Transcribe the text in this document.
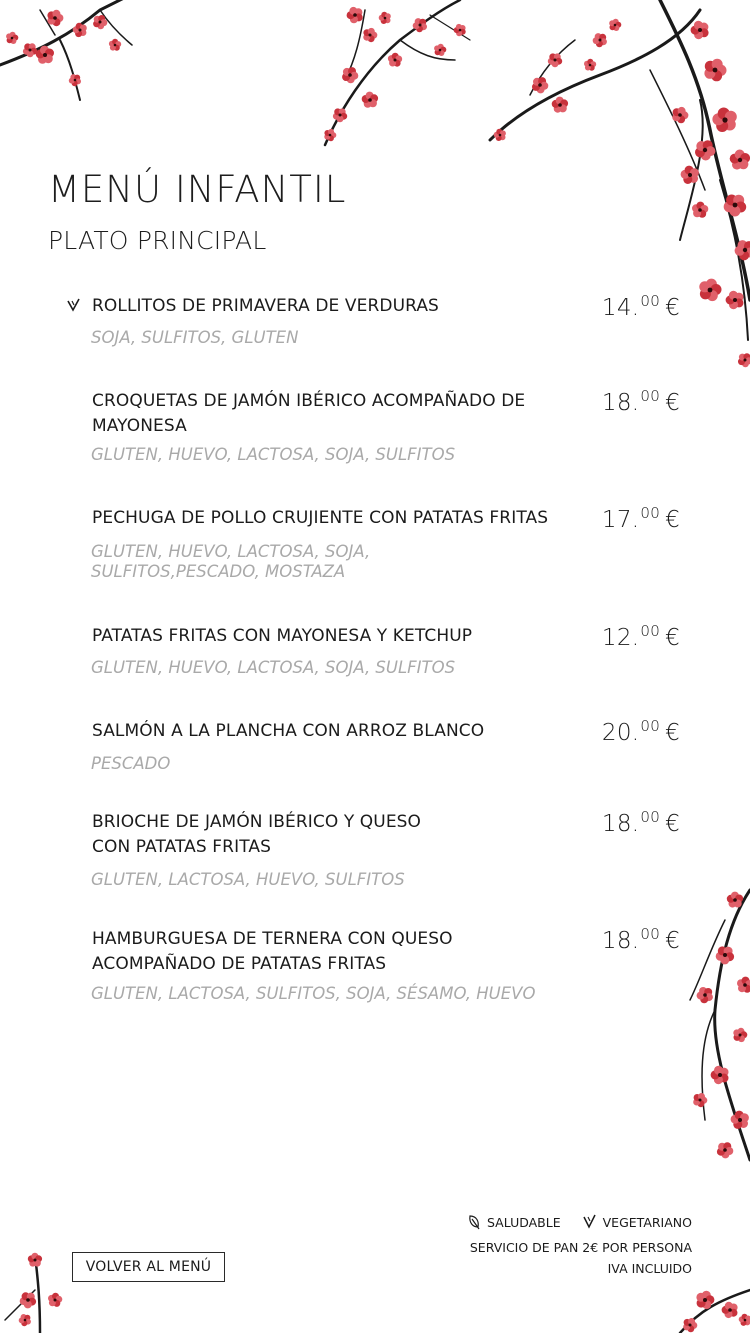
MENÚ INFANTIL
PLATO PRINCIPAL
ROLLITOS DE PRIMAVERA DE VERDURAS
SOJA, SULFITOS, GLUTEN
14.00 €
CROQUETAS DE JAMÓN IBÉRICO ACOMPAÑADO DE MAYONESA
GLUTEN, HUEVO, LACTOSA, SOJA, SULFITOS
18.00 €
PECHUGA DE POLLO CRUJIENTE CON PATATAS FRITAS
GLUTEN, HUEVO, LACTOSA, SOJA, SULFITOS,PESCADO, MOSTAZA
17.00 €
PATATAS FRITAS CON MAYONESA Y KETCHUP
GLUTEN, HUEVO, LACTOSA, SOJA, SULFITOS
12.00 €
SALMÓN A LA PLANCHA CON ARROZ BLANCO
PESCADO
20.00 €
BRIOCHE DE JAMÓN IBÉRICO Y QUESO CON PATATAS FRITAS
GLUTEN, LACTOSA, HUEVO, SULFITOS
18.00 €
HAMBURGUESA DE TERNERA CON QUESO ACOMPAÑADO DE PATATAS FRITAS
GLUTEN, LACTOSA, SULFITOS, SOJA, SÉSAMO, HUEVO
18.00 €
SALUDABLE	VEGETARIANO
SERVICIO DE PAN 2€ POR PERSONA
IVA INCLUIDO
VOLVER AL MENÚ
